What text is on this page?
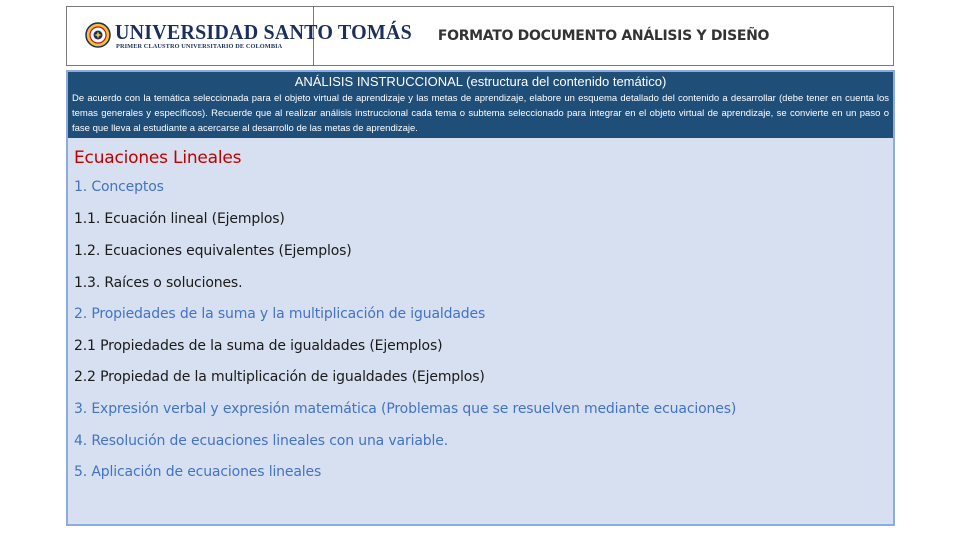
UNIVERSIDAD SANTO TOMÁS
PRIMER CLAUSTRO UNIVERSITARIO DE COLOMBIA
FORMATO DOCUMENTO ANÁLISIS Y DISEÑO
ANÁLISIS INSTRUCCIONAL (estructura del contenido temático)
De acuerdo con la temática seleccionada para el objeto virtual de aprendizaje y las metas de aprendizaje, elabore un esquema detallado del contenido a desarrollar (debe tener en cuenta los temas generales y específicos). Recuerde que al realizar análisis instruccional cada tema o subtema seleccionado para integrar en el objeto virtual de aprendizaje, se convierte en un paso o fase que lleva al estudiante a acercarse al desarrollo de las metas de aprendizaje.
Ecuaciones Lineales
1. Conceptos
1.1. Ecuación lineal (Ejemplos)
1.2. Ecuaciones equivalentes (Ejemplos)
1.3. Raíces o soluciones.
2. Propiedades de la suma y la multiplicación de igualdades
2.1 Propiedades de la suma de igualdades (Ejemplos)
2.2 Propiedad de la multiplicación de igualdades (Ejemplos)
3. Expresión verbal y expresión matemática (Problemas que se resuelven mediante ecuaciones)
4. Resolución de ecuaciones lineales con una variable.
5. Aplicación de ecuaciones lineales
